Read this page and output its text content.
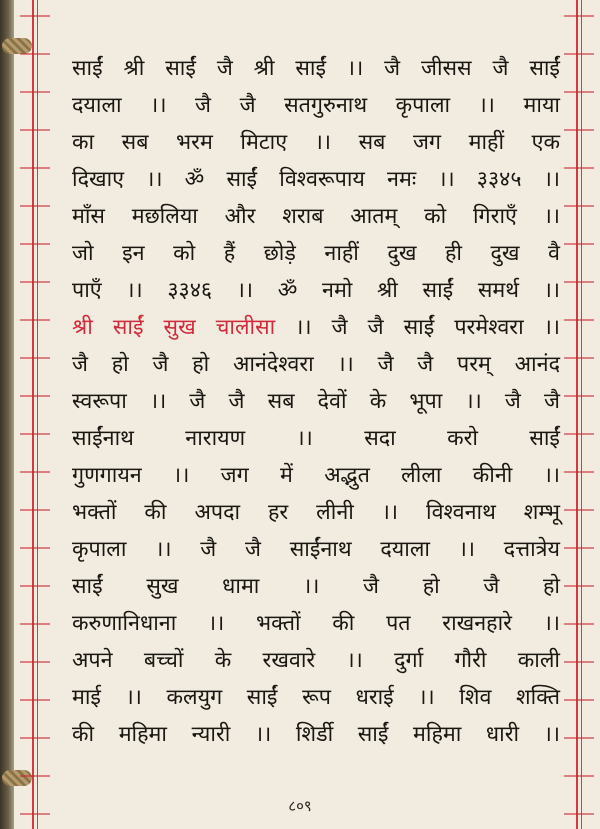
साईं श्री साईं जै श्री साईं ।। जै जीसस जै साईं
दयाला ।। जै जै सतगुरुनाथ कृपाला ।। माया
का सब भरम मिटाए ।। सब जग माहीं एक
दिखाए ।। ॐ साईं विश्वरूपाय नमः ।। ३३४५ ।।
माँस मछलिया और शराब आतम् को गिराएँ ।।
जो इन को हैं छोड़े नाहीं दुख ही दुख वै
पाएँ ।। ३३४६ ।। ॐ नमो श्री साईं समर्थ ।।
श्री साईं सुख चालीसा ।। जै जै साईं परमेश्वरा ।।
जै हो जै हो आनंदेश्वरा ।। जै जै परम् आनंद
स्वरूपा ।। जै जै सब देवों के भूपा ।। जै जै
साईंनाथ नारायण ।। सदा करो साईं
गुणगायन ।। जग में अद्भुत लीला कीनी ।।
भक्तों की अपदा हर लीनी ।। विश्वनाथ शम्भू
कृपाला ।। जै जै साईंनाथ दयाला ।। दत्तात्रेय
साईं सुख धामा ।। जै हो जै हो
करुणानिधाना ।। भक्तों की पत राखनहारे ।।
अपने बच्चों के रखवारे ।। दुर्गा गौरी काली
माई ।। कलयुग साईं रूप धराई ।। शिव शक्ति
की महिमा न्यारी ।। शिर्डी साईं महिमा धारी ।।
८०९
